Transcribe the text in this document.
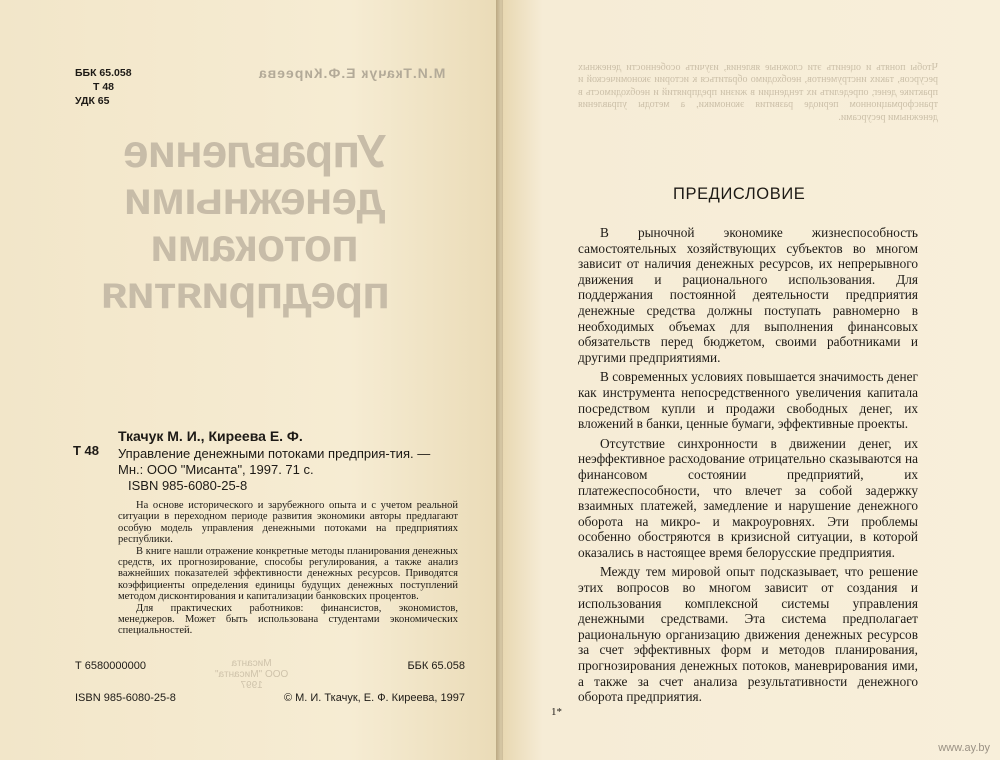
ББК 65.058
Т 48
УДК 65
М.И.Ткачук Е.Ф.Киреева
Управление
денежными
потоками
предприятия
Т 48
Ткачук М. И., Киреева Е. Ф.
Управление денежными потоками предприя-тия. — Мн.: ООО "Мисанта", 1997. 71 с.
ISBN 985-6080-25-8

На основе исторического и зарубежного опыта и с учетом реальной ситуации в переходном периоде развития экономики авторы предлагают особую модель управления денежными потоками на предприятиях республики.

В книге нашли отражение конкретные методы планирования денежных средств, их прогнозирование, способы регулирования, а также анализ важнейших показателей эффективности денежных ресурсов. Приводятся коэффициенты определения единицы будущих денежных поступлений методом дисконтирования и капитализации банковских процентов.

Для практических работников: финансистов, экономистов, менеджеров. Может быть использована студентами экономических специальностей.

Мисанта
ООО "Мисанта"
1997
Т 6580000000	ББК 65.058
ISBN 985-6080-25-8	© М. И. Ткачук, Е. Ф. Киреева, 1997

Чтобы понять и оценить эти сложные явления, изучить особенности денежных ресурсов, таких инструментов, необходимо обратиться к истории экономической и практике денег, определить их тенденции в жизни предприятий и необходимость в трансформационном периоде развития экономики, а методы управления денежными ресурсами.

ПРЕДИСЛОВИЕ

В рыночной экономике жизнеспособность самостоятельных хозяйствующих субъектов во многом зависит от наличия денежных ресурсов, их непрерывного движения и рационального использования. Для поддержания постоянной деятельности предприятия денежные средства должны поступать равномерно в необходимых объемах для выполнения финансовых обязательств перед бюджетом, своими работниками и другими предприятиями.

В современных условиях повышается значимость денег как инструмента непосредственного увеличения капитала посредством купли и продажи свободных денег, их вложений в банки, ценные бумаги, эффективные проекты.

Отсутствие синхронности в движении денег, их неэффективное расходование отрицательно сказываются на финансовом состоянии предприятий, их платежеспособности, что влечет за собой задержку взаимных платежей, замедление и нарушение денежного оборота на микро- и макроуровнях. Эти проблемы особенно обостряются в кризисной ситуации, в которой оказались в настоящее время белорусские предприятия.

Между тем мировой опыт подсказывает, что решение этих вопросов во многом зависит от создания и использования комплексной системы управления денежными средствами. Эта система предполагает рациональную организацию движения денежных ресурсов за счет эффективных форм и методов планирования, прогнозирования денежных потоков, маневрирования ими, а также за счет анализа результативности денежного оборота предприятия.

1*
www.ay.by
